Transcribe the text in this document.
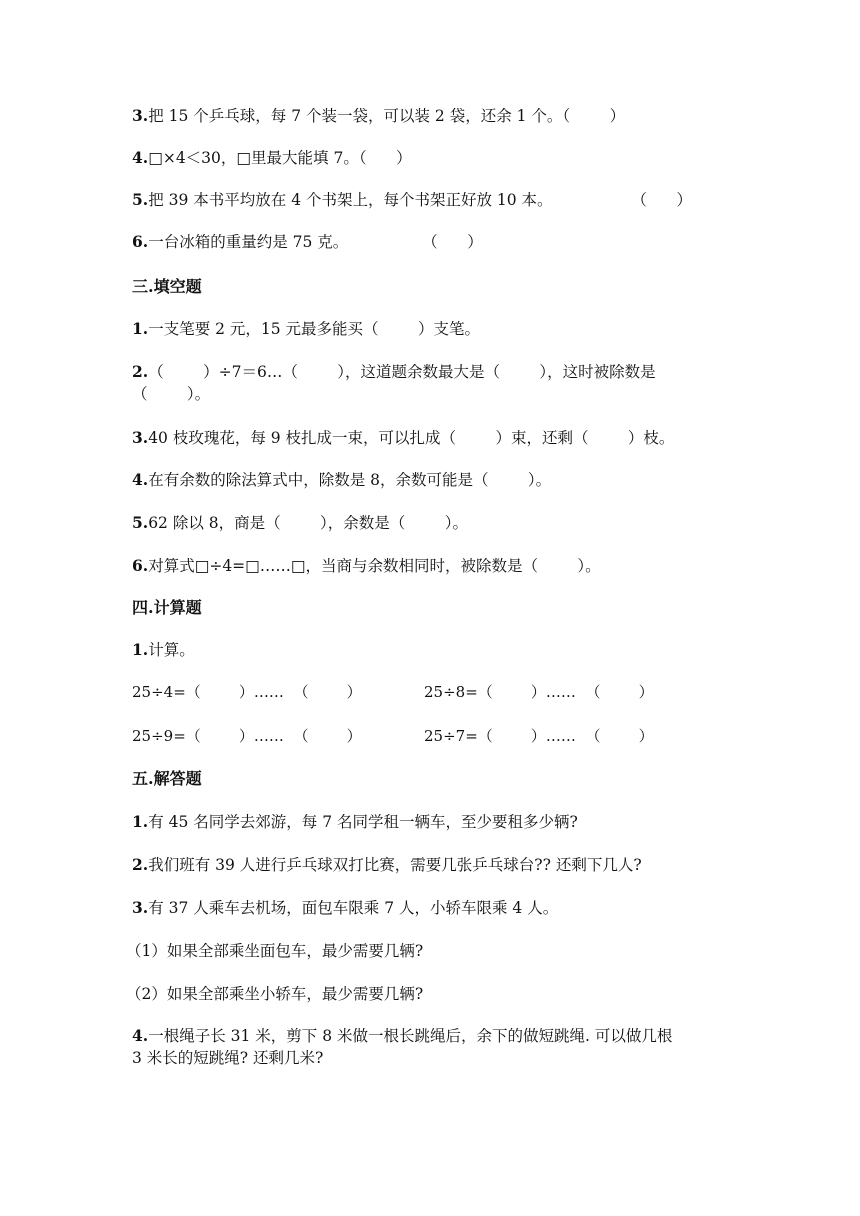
3.把 15 个乒乓球，每 7 个装一袋，可以装 2 袋，还余 1 个。（        ）
4.□×4＜30，□里最大能填 7。（      ）
5.把 39 本书平均放在 4 个书架上，每个书架正好放 10 本。                （      ）
6.一台冰箱的重量约是 75 克。               （      ）
三.填空题
1.一支笔要 2 元，15 元最多能买（        ）支笔。
2.（        ）÷7＝6…（        ），这道题余数最大是（        ），这时被除数是
（        ）。
3.40 枝玫瑰花，每 9 枝扎成一束，可以扎成（        ）束，还剩（        ）枝。
4.在有余数的除法算式中，除数是 8，余数可能是（        ）。
5.62 除以 8，商是（        ），余数是（        ）。
6.对算式□÷4=□……□，当商与余数相同时，被除数是（        ）。
四.计算题
1.计算。
25÷4=（        ）……  （        ）	25÷8=（        ）……  （        ）
25÷9=（        ）……  （        ）	25÷7=（        ）……  （        ）
五.解答题
1.有 45 名同学去郊游，每 7 名同学租一辆车，至少要租多少辆?
2.我们班有 39 人进行乒乓球双打比赛，需要几张乒乓球台?? 还剩下几人?
3.有 37 人乘车去机场，面包车限乘 7 人，小轿车限乘 4 人。
（1）如果全部乘坐面包车，最少需要几辆?
（2）如果全部乘坐小轿车，最少需要几辆?
4.一根绳子长 31 米，剪下 8 米做一根长跳绳后，余下的做短跳绳. 可以做几根
3 米长的短跳绳? 还剩几米?
